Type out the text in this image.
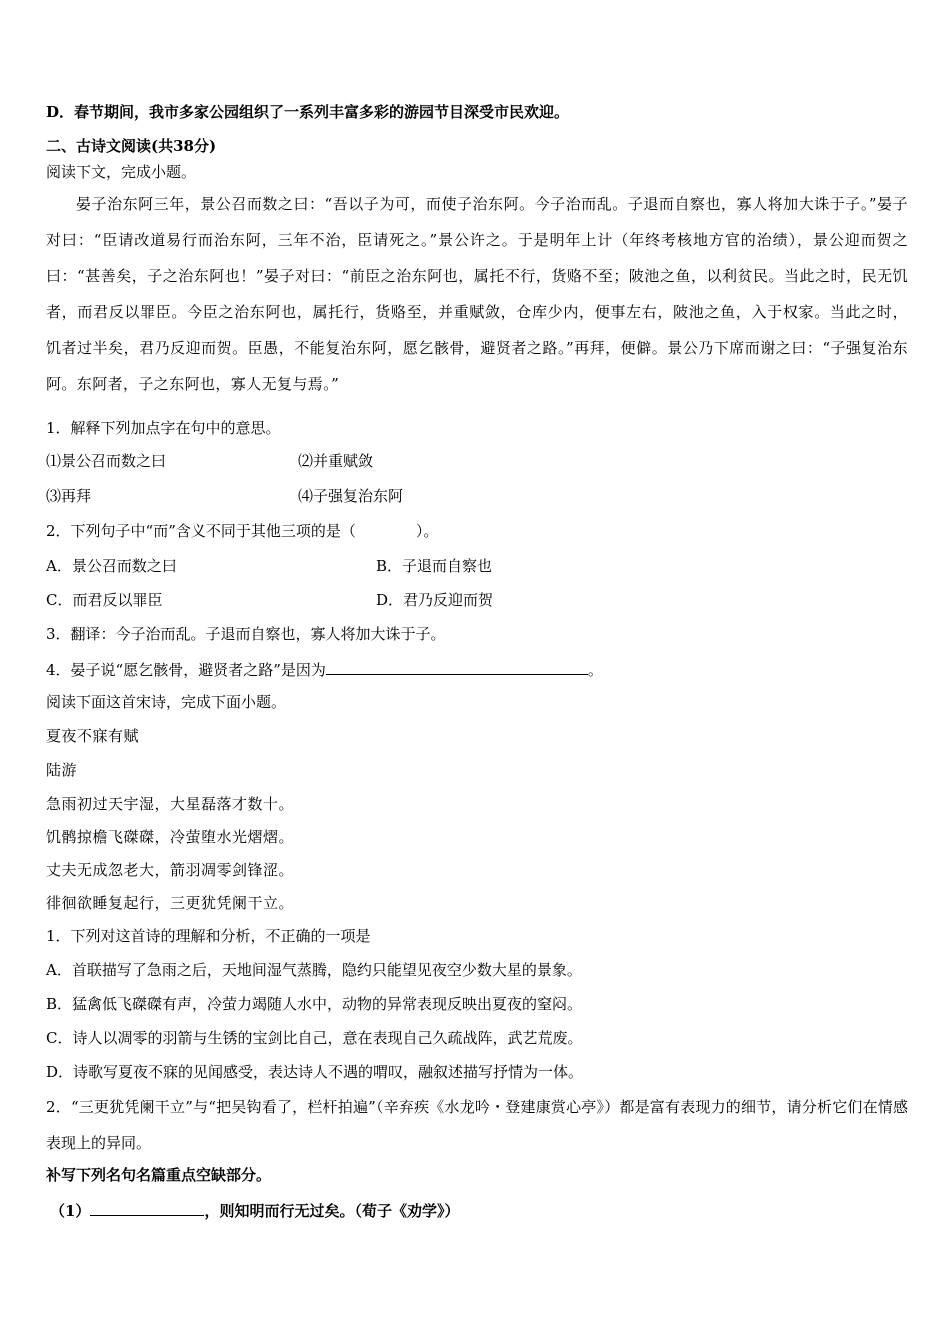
D．春节期间，我市多家公园组织了一系列丰富多彩的游园节目深受市民欢迎。
二、古诗文阅读(共38分)
阅读下文，完成小题。

晏子治东阿三年，景公召而数之曰：“吾以子为可，而使子治东阿。今子治而乱。子退而自察也，寡人将加大诛于子。”晏子对曰：“臣请改道易行而治东阿，三年不治，臣请死之。”景公许之。于是明年上计（年终考核地方官的治绩），景公迎而贺之曰：“甚善矣，子之治东阿也！”晏子对曰：“前臣之治东阿也，属托不行，货赂不至；陂池之鱼，以利贫民。当此之时，民无饥者，而君反以罪臣。今臣之治东阿也，属托行，货赂至，并重赋敛，仓库少内，便事左右，陂池之鱼，入于权家。当此之时，饥者过半矣，君乃反迎而贺。臣愚，不能复治东阿，愿乞骸骨，避贤者之路。”再拜，便僻。景公乃下席而谢之曰：“子强复治东阿。东阿者，子之东阿也，寡人无复与焉。”

1．解释下列加点字在句中的意思。
⑴景公召而数之曰	⑵并重赋敛
⑶再拜	⑷子强复治东阿
2．下列句子中“而”含义不同于其他三项的是（　　　　）。
A．景公召而数之曰	B．子退而自察也
C．而君反以罪臣	D．君乃反迎而贺
3．翻译：今子治而乱。子退而自察也，寡人将加大诛于子。
4．晏子说“愿乞骸骨，避贤者之路”是因为	。
阅读下面这首宋诗，完成下面小题。
夏夜不寐有赋
陆游
急雨初过天宇湿，大星磊落才数十。
饥鹘掠檐飞磔磔，冷萤堕水光熠熠。
丈夫无成忽老大，箭羽凋零剑锋涩。
徘徊欲睡复起行，三更犹凭阑干立。
1．下列对这首诗的理解和分析，不正确的一项是
A．首联描写了急雨之后，天地间湿气蒸腾，隐约只能望见夜空少数大星的景象。
B．猛禽低飞磔磔有声，冷萤力竭随人水中，动物的异常表现反映出夏夜的窒闷。
C．诗人以凋零的羽箭与生锈的宝剑比自己，意在表现自己久疏战阵，武艺荒废。
D．诗歌写夏夜不寐的见闻感受，表达诗人不遇的喟叹，融叙述描写抒情为一体。

2．“三更犹凭阑干立”与“把吴钩看了，栏杆拍遍”（辛弃疾《水龙吟・登建康赏心亭》）都是富有表现力的细节，请分析它们在情感表现上的异同。

补写下列名句名篇重点空缺部分。
（1）	，则知明而行无过矣。（荀子《劝学》）
